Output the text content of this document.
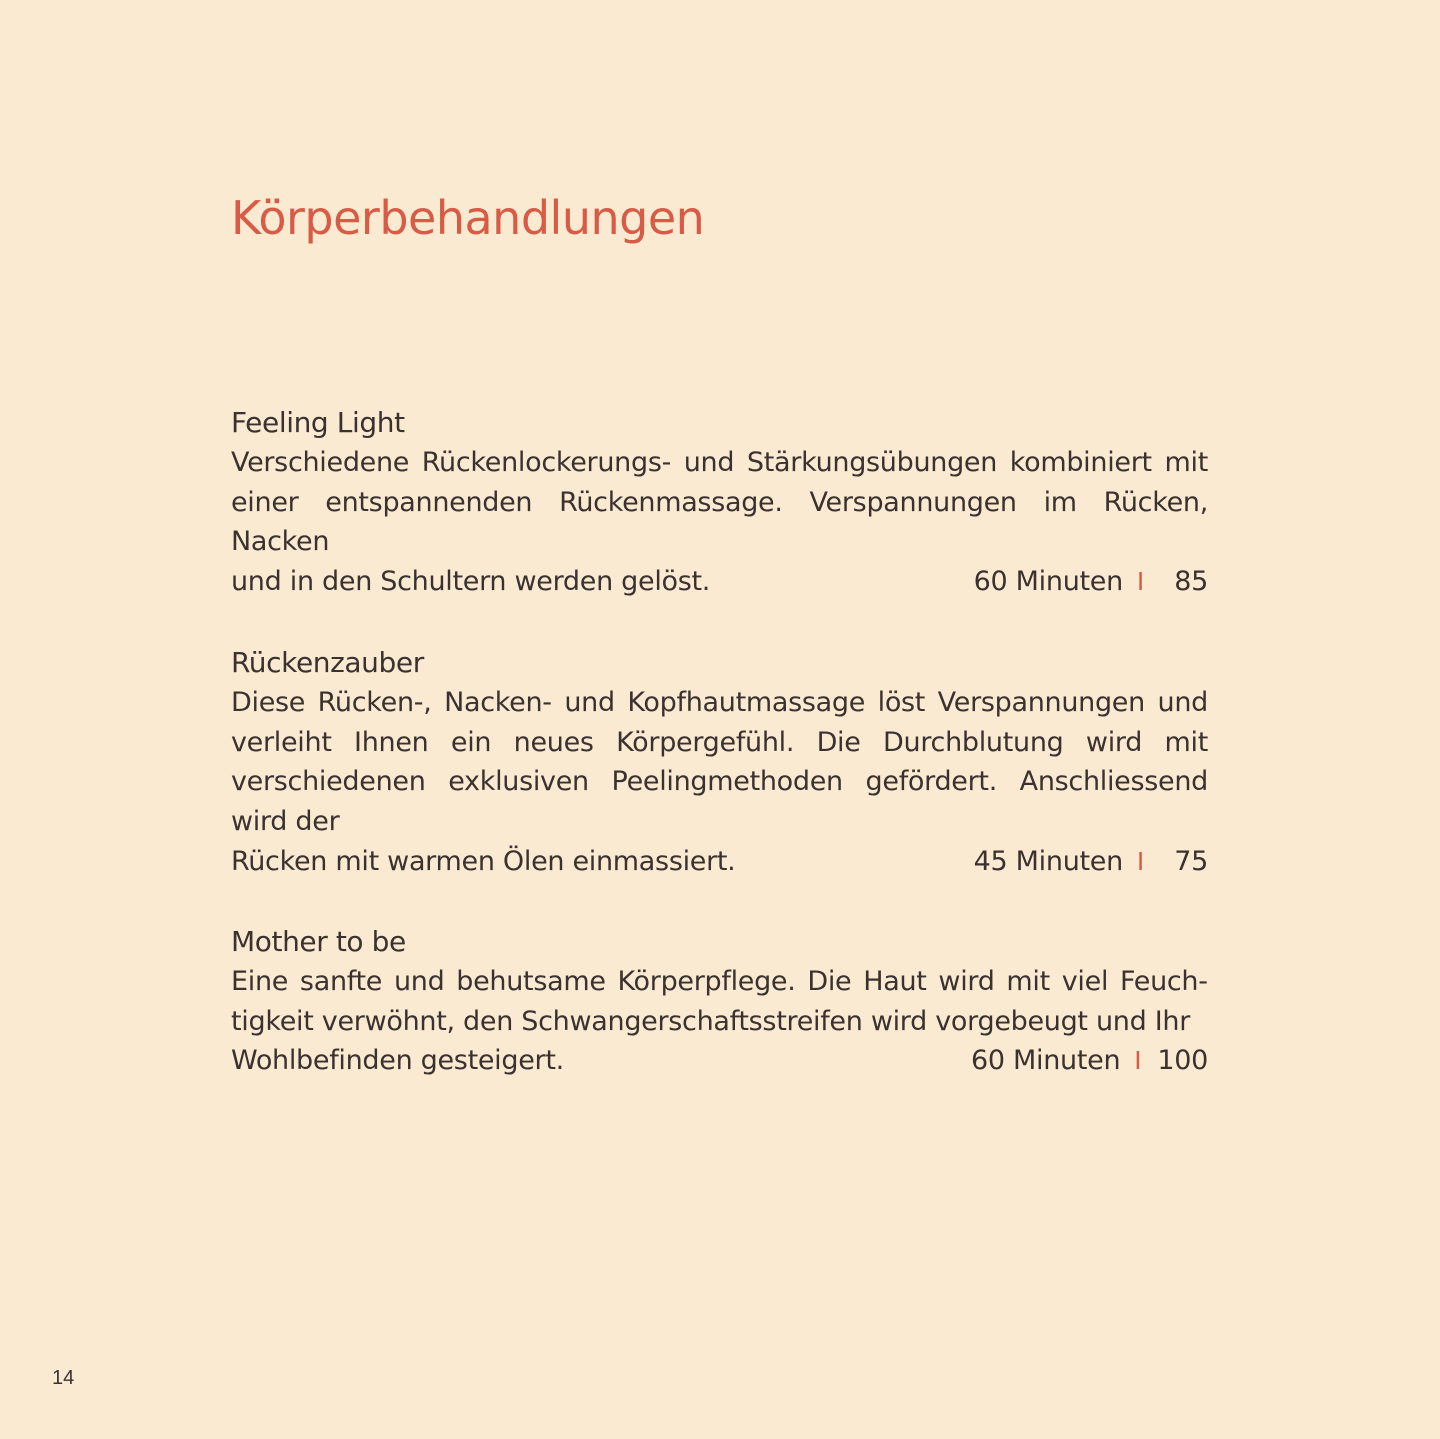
Körperbehandlungen
Feeling Light

Verschiedene Rückenlockerungs- und Stärkungsübungen kombiniert mit einer entspannenden Rückenmassage. Verspannungen im Rücken, Nacken

und in den Schultern werden gelöst.	60 Minuten I	85
Rückenzauber

Diese Rücken-, Nacken- und Kopfhautmassage löst Verspannungen und verleiht Ihnen ein neues Körpergefühl. Die Durchblutung wird mit verschiedenen exklusiven Peelingmethoden gefördert. Anschliessend wird der

Rücken mit warmen Ölen einmassiert.	45 Minuten I	75
Mother to be

Eine sanfte und behutsame Körperpflege. Die Haut wird mit viel Feuchtigkeit verwöhnt, den Schwangerschaftsstreifen wird vorgebeugt und Ihr

Wohlbefinden gesteigert.	60 Minuten I 100
14
